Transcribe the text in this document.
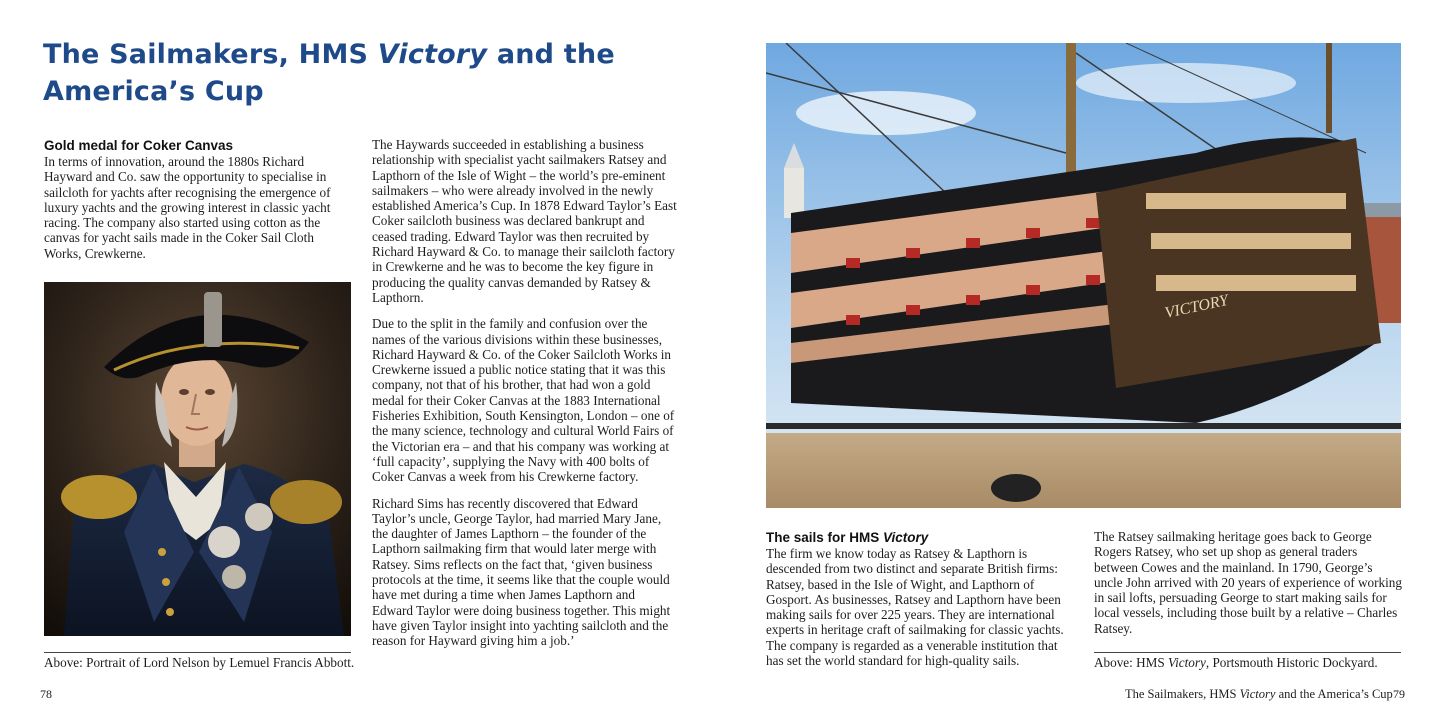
The Sailmakers, HMS Victory and the America’s Cup
Gold medal for Coker Canvas

In terms of innovation, around the 1880s Richard Hayward and Co. saw the opportunity to specialise in sailcloth for yachts after recognising the emergence of luxury yachts and the growing interest in classic yacht racing. The company also started using cotton as the canvas for yacht sails made in the Coker Sail Cloth Works, Crewkerne.

The Haywards succeeded in establishing a business relationship with specialist yacht sailmakers Ratsey and Lapthorn of the Isle of Wight – the world’s pre-eminent sailmakers – who were already involved in the newly established America’s Cup. In 1878 Edward Taylor’s East Coker sailcloth business was declared bankrupt and ceased trading. Edward Taylor was then recruited by Richard Hayward & Co. to manage their sailcloth factory in Crewkerne and he was to become the key figure in producing the quality canvas demanded by Ratsey & Lapthorn.

Due to the split in the family and confusion over the names of the various divisions within these businesses, Richard Hayward & Co. of the Coker Sailcloth Works in Crewkerne issued a public notice stating that it was this company, not that of his brother, that had won a gold medal for their Coker Canvas at the 1883 International Fisheries Exhibition, South Kensington, London – one of the many science, technology and cultural World Fairs of the Victorian era – and that his company was working at ‘full capacity’, supplying the Navy with 400 bolts of Coker Canvas a week from his Crewkerne factory.

Richard Sims has recently discovered that Edward Taylor’s uncle, George Taylor, had married Mary Jane, the daughter of James Lapthorn – the founder of the Lapthorn sailmaking firm that would later merge with Ratsey. Sims reflects on the fact that, ‘given business protocols at the time, it seems like that the couple would have met during a time when James Lapthorn and Edward Taylor were doing business together. This might have given Taylor insight into yachting sailcloth and the reason for Hayward giving him a job.’

Above: Portrait of Lord Nelson by Lemuel Francis Abbott.

78

VICTORY
The sails for HMS Victory

The firm we know today as Ratsey & Lapthorn is descended from two distinct and separate British firms: Ratsey, based in the Isle of Wight, and Lapthorn of Gosport. As businesses, Ratsey and Lapthorn have been making sails for over 225 years. They are international experts in heritage craft of sailmaking for classic yachts. The company is regarded as a venerable institution that has set the world standard for high-quality sails.

The Ratsey sailmaking heritage goes back to George Rogers Ratsey, who set up shop as general traders between Cowes and the mainland. In 1790, George’s uncle John arrived with 20 years of experience of working in sail lofts, persuading George to start making sails for local vessels, including those built by a relative – Charles Ratsey.

Above: HMS Victory, Portsmouth Historic Dockyard.

The Sailmakers, HMS Victory and the America’s Cup 79
